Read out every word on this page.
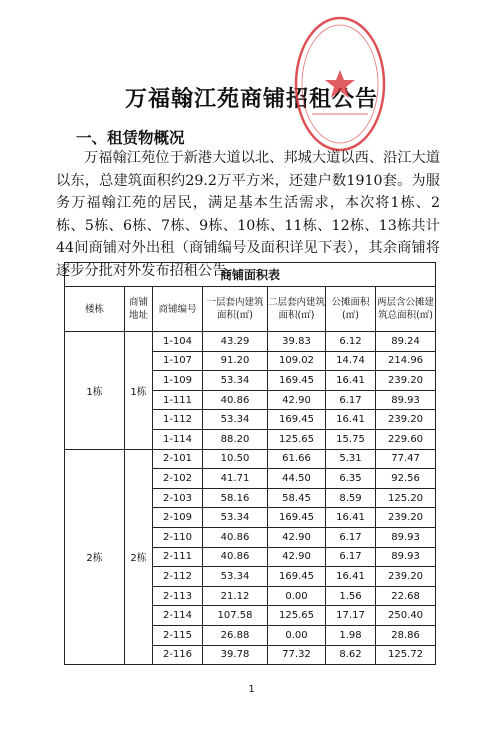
万福翰江苑商铺招租公告
一、租赁物概况
万福翰江苑位于新港大道以北、邦城大道以西、沿江大道以东，总建筑面积约29.2万平方米，还建户数1910套。为服务万福翰江苑的居民，满足基本生活需求，本次将1栋、2栋、5栋、6栋、7栋、9栋、10栋、11栋、12栋、13栋共计44间商铺对外出租（商铺编号及面积详见下表），其余商铺将逐步分批对外发布招租公告。
商铺面积表						
楼栋	商铺地址	商铺编号	一层套内建筑面积(㎡)	二层套内建筑面积(㎡)	公摊面积(㎡)	两层含公摊建筑总面积(㎡)
1栋	1栋	1-104	43.29	39.83	6.12	89.24
		1-107	91.20	109.02	14.74	214.96
		1-109	53.34	169.45	16.41	239.20
		1-111	40.86	42.90	6.17	89.93
		1-112	53.34	169.45	16.41	239.20
		1-114	88.20	125.65	15.75	229.60
2栋	2栋	2-101	10.50	61.66	5.31	77.47
		2-102	41.71	44.50	6.35	92.56
		2-103	58.16	58.45	8.59	125.20
		2-109	53.34	169.45	16.41	239.20
		2-110	40.86	42.90	6.17	89.93
		2-111	40.86	42.90	6.17	89.93
		2-112	53.34	169.45	16.41	239.20
		2-113	21.12	0.00	1.56	22.68
		2-114	107.58	125.65	17.17	250.40
		2-115	26.88	0.00	1.98	28.86
		2-116	39.78	77.32	8.62	125.72
1
